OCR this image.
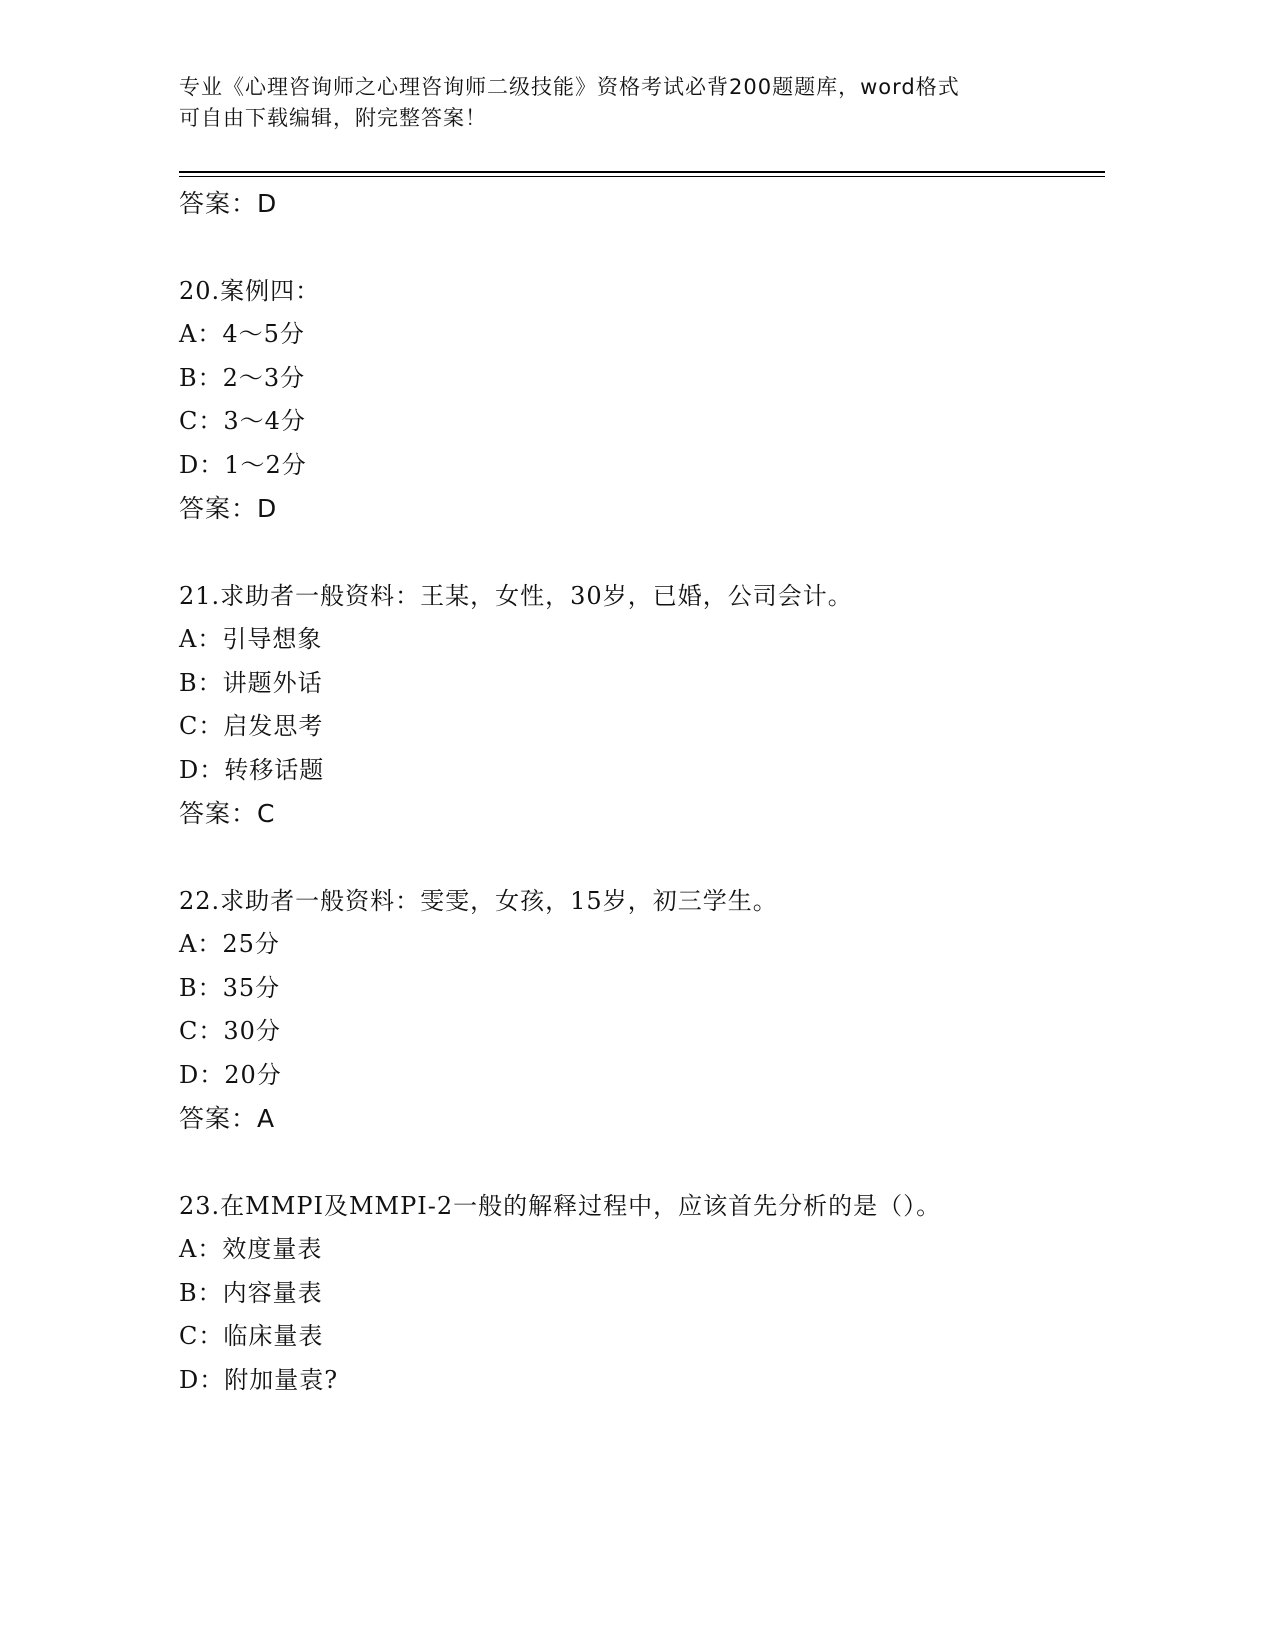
专业《心理咨询师之心理咨询师二级技能》资格考试必背200题题库，word格式
可自由下载编辑，附完整答案！
答案：D
20.案例四：
A：4～5分
B：2～3分
C：3～4分
D：1～2分
答案：D
21.求助者一般资料：王某，女性，30岁，已婚，公司会计。
A：引导想象
B：讲题外话
C：启发思考
D：转移话题
答案：C
22.求助者一般资料：雯雯，女孩，15岁，初三学生。
A：25分
B：35分
C：30分
D：20分
答案：A
23.在MMPI及MMPI-2一般的解释过程中，应该首先分析的是（）。
A：效度量表
B：内容量表
C：临床量表
D：附加量袁?
